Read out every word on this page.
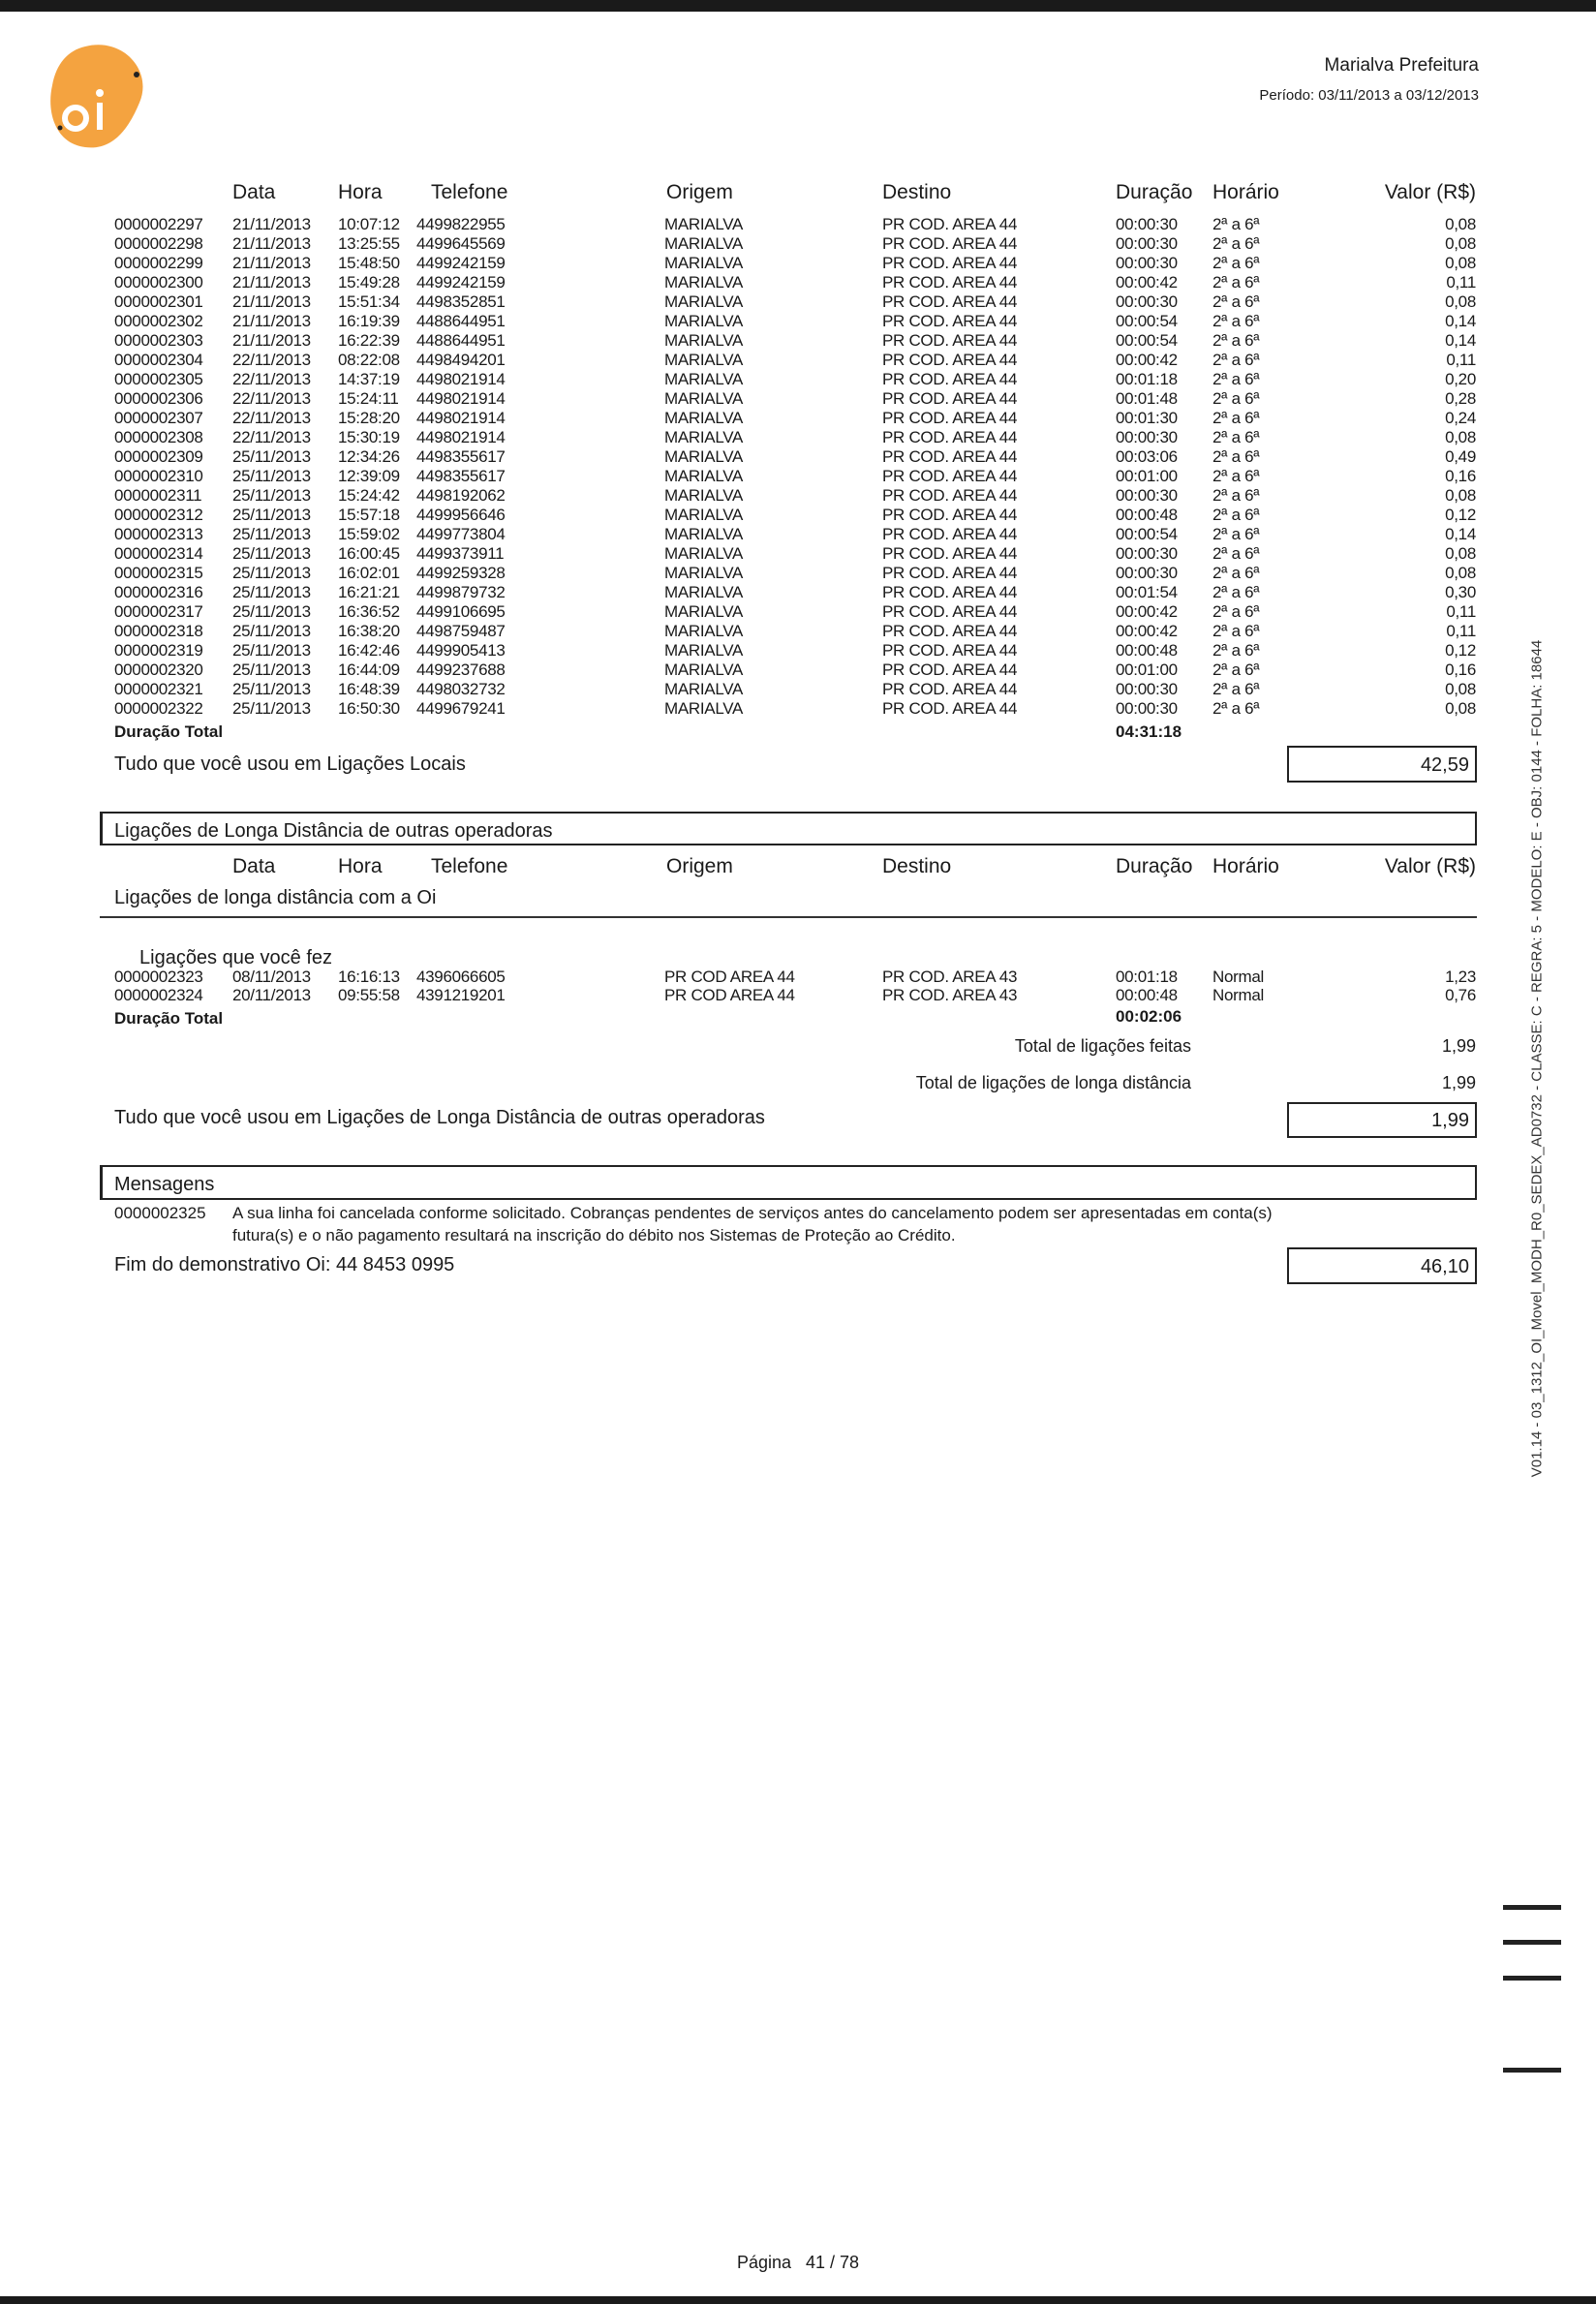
Marialva Prefeitura
Período: 03/11/2013 a 03/12/2013
Data	Hora Telefone	Origem	Destino	Duração Horário	Valor (R$)
0000002297 21/11/2013 10:07:12 4499822955	MARIALVA	PR COD. AREA 44	00:00:30 2ª a 6ª	0,08
0000002298 21/11/2013 13:25:55 4499645569	MARIALVA	PR COD. AREA 44	00:00:30 2ª a 6ª	0,08
0000002299 21/11/2013 15:48:50 4499242159	MARIALVA	PR COD. AREA 44	00:00:30 2ª a 6ª	0,08
0000002300 21/11/2013 15:49:28 4499242159	MARIALVA	PR COD. AREA 44	00:00:42 2ª a 6ª	0,11
0000002301 21/11/2013 15:51:34 4498352851	MARIALVA	PR COD. AREA 44	00:00:30 2ª a 6ª	0,08
0000002302 21/11/2013 16:19:39 4488644951	MARIALVA	PR COD. AREA 44	00:00:54 2ª a 6ª	0,14
0000002303 21/11/2013 16:22:39 4488644951	MARIALVA	PR COD. AREA 44	00:00:54 2ª a 6ª	0,14
0000002304 22/11/2013 08:22:08 4498494201	MARIALVA	PR COD. AREA 44	00:00:42 2ª a 6ª	0,11
0000002305 22/11/2013 14:37:19 4498021914	MARIALVA	PR COD. AREA 44	00:01:18 2ª a 6ª	0,20
0000002306 22/11/2013 15:24:11 4498021914	MARIALVA	PR COD. AREA 44	00:01:48 2ª a 6ª	0,28
0000002307 22/11/2013 15:28:20 4498021914	MARIALVA	PR COD. AREA 44	00:01:30 2ª a 6ª	0,24
0000002308 22/11/2013 15:30:19 4498021914	MARIALVA	PR COD. AREA 44	00:00:30 2ª a 6ª	0,08
0000002309 25/11/2013 12:34:26 4498355617	MARIALVA	PR COD. AREA 44	00:03:06 2ª a 6ª	0,49
0000002310 25/11/2013 12:39:09 4498355617	MARIALVA	PR COD. AREA 44	00:01:00 2ª a 6ª	0,16
0000002311 25/11/2013 15:24:42 4498192062	MARIALVA	PR COD. AREA 44	00:00:30 2ª a 6ª	0,08
0000002312 25/11/2013 15:57:18 4499956646	MARIALVA	PR COD. AREA 44	00:00:48 2ª a 6ª	0,12
0000002313 25/11/2013 15:59:02 4499773804	MARIALVA	PR COD. AREA 44	00:00:54 2ª a 6ª	0,14
0000002314 25/11/2013 16:00:45 4499373911	MARIALVA	PR COD. AREA 44	00:00:30 2ª a 6ª	0,08
0000002315 25/11/2013 16:02:01 4499259328	MARIALVA	PR COD. AREA 44	00:00:30 2ª a 6ª	0,08
0000002316 25/11/2013 16:21:21 4499879732	MARIALVA	PR COD. AREA 44	00:01:54 2ª a 6ª	0,30
0000002317 25/11/2013 16:36:52 4499106695	MARIALVA	PR COD. AREA 44	00:00:42 2ª a 6ª	0,11
0000002318 25/11/2013 16:38:20 4498759487	MARIALVA	PR COD. AREA 44	00:00:42 2ª a 6ª	0,11
0000002319 25/11/2013 16:42:46 4499905413	MARIALVA	PR COD. AREA 44	00:00:48 2ª a 6ª	0,12
0000002320 25/11/2013 16:44:09 4499237688	MARIALVA	PR COD. AREA 44	00:01:00 2ª a 6ª	0,16
0000002321 25/11/2013 16:48:39 4498032732	MARIALVA	PR COD. AREA 44	00:00:30 2ª a 6ª	0,08
0000002322 25/11/2013 16:50:30 4499679241	MARIALVA	PR COD. AREA 44	00:00:30 2ª a 6ª	0,08
Duração Total	04:31:18
Tudo que você usou em Ligações Locais	42,59
Ligações de Longa Distância de outras operadoras
Data	Hora Telefone	Origem	Destino	Duração Horário	Valor (R$)
Ligações de longa distância com a Oi
Ligações que você fez
0000002323 08/11/2013 16:16:13 4396066605	PR COD AREA 44	PR COD. AREA 43	00:01:18 Normal	1,23
0000002324 20/11/2013 09:55:58 4391219201	PR COD AREA 44	PR COD. AREA 43	00:00:48 Normal	0,76
Duração Total	00:02:06
Total de ligações feitas	1,99
Total de ligações de longa distância	1,99
Tudo que você usou em Ligações de Longa Distância de outras operadoras	1,99
Mensagens
0000002325 A sua linha foi cancelada conforme solicitado. Cobranças pendentes de serviços antes do cancelamento podem ser apresentadas em conta(s)
futura(s) e o não pagamento resultará na inscrição do débito nos Sistemas de Proteção ao Crédito.
Fim do demonstrativo Oi: 44 8453 0995	46,10	V01.14 - 03_1312_OI_Movel_MODH_R0_SEDEX_AD0732 - CLASSE: C - REGRA: 5 - MODELO: E - OBJ: 0144 - FOLHA: 18644
Página   41 / 78
